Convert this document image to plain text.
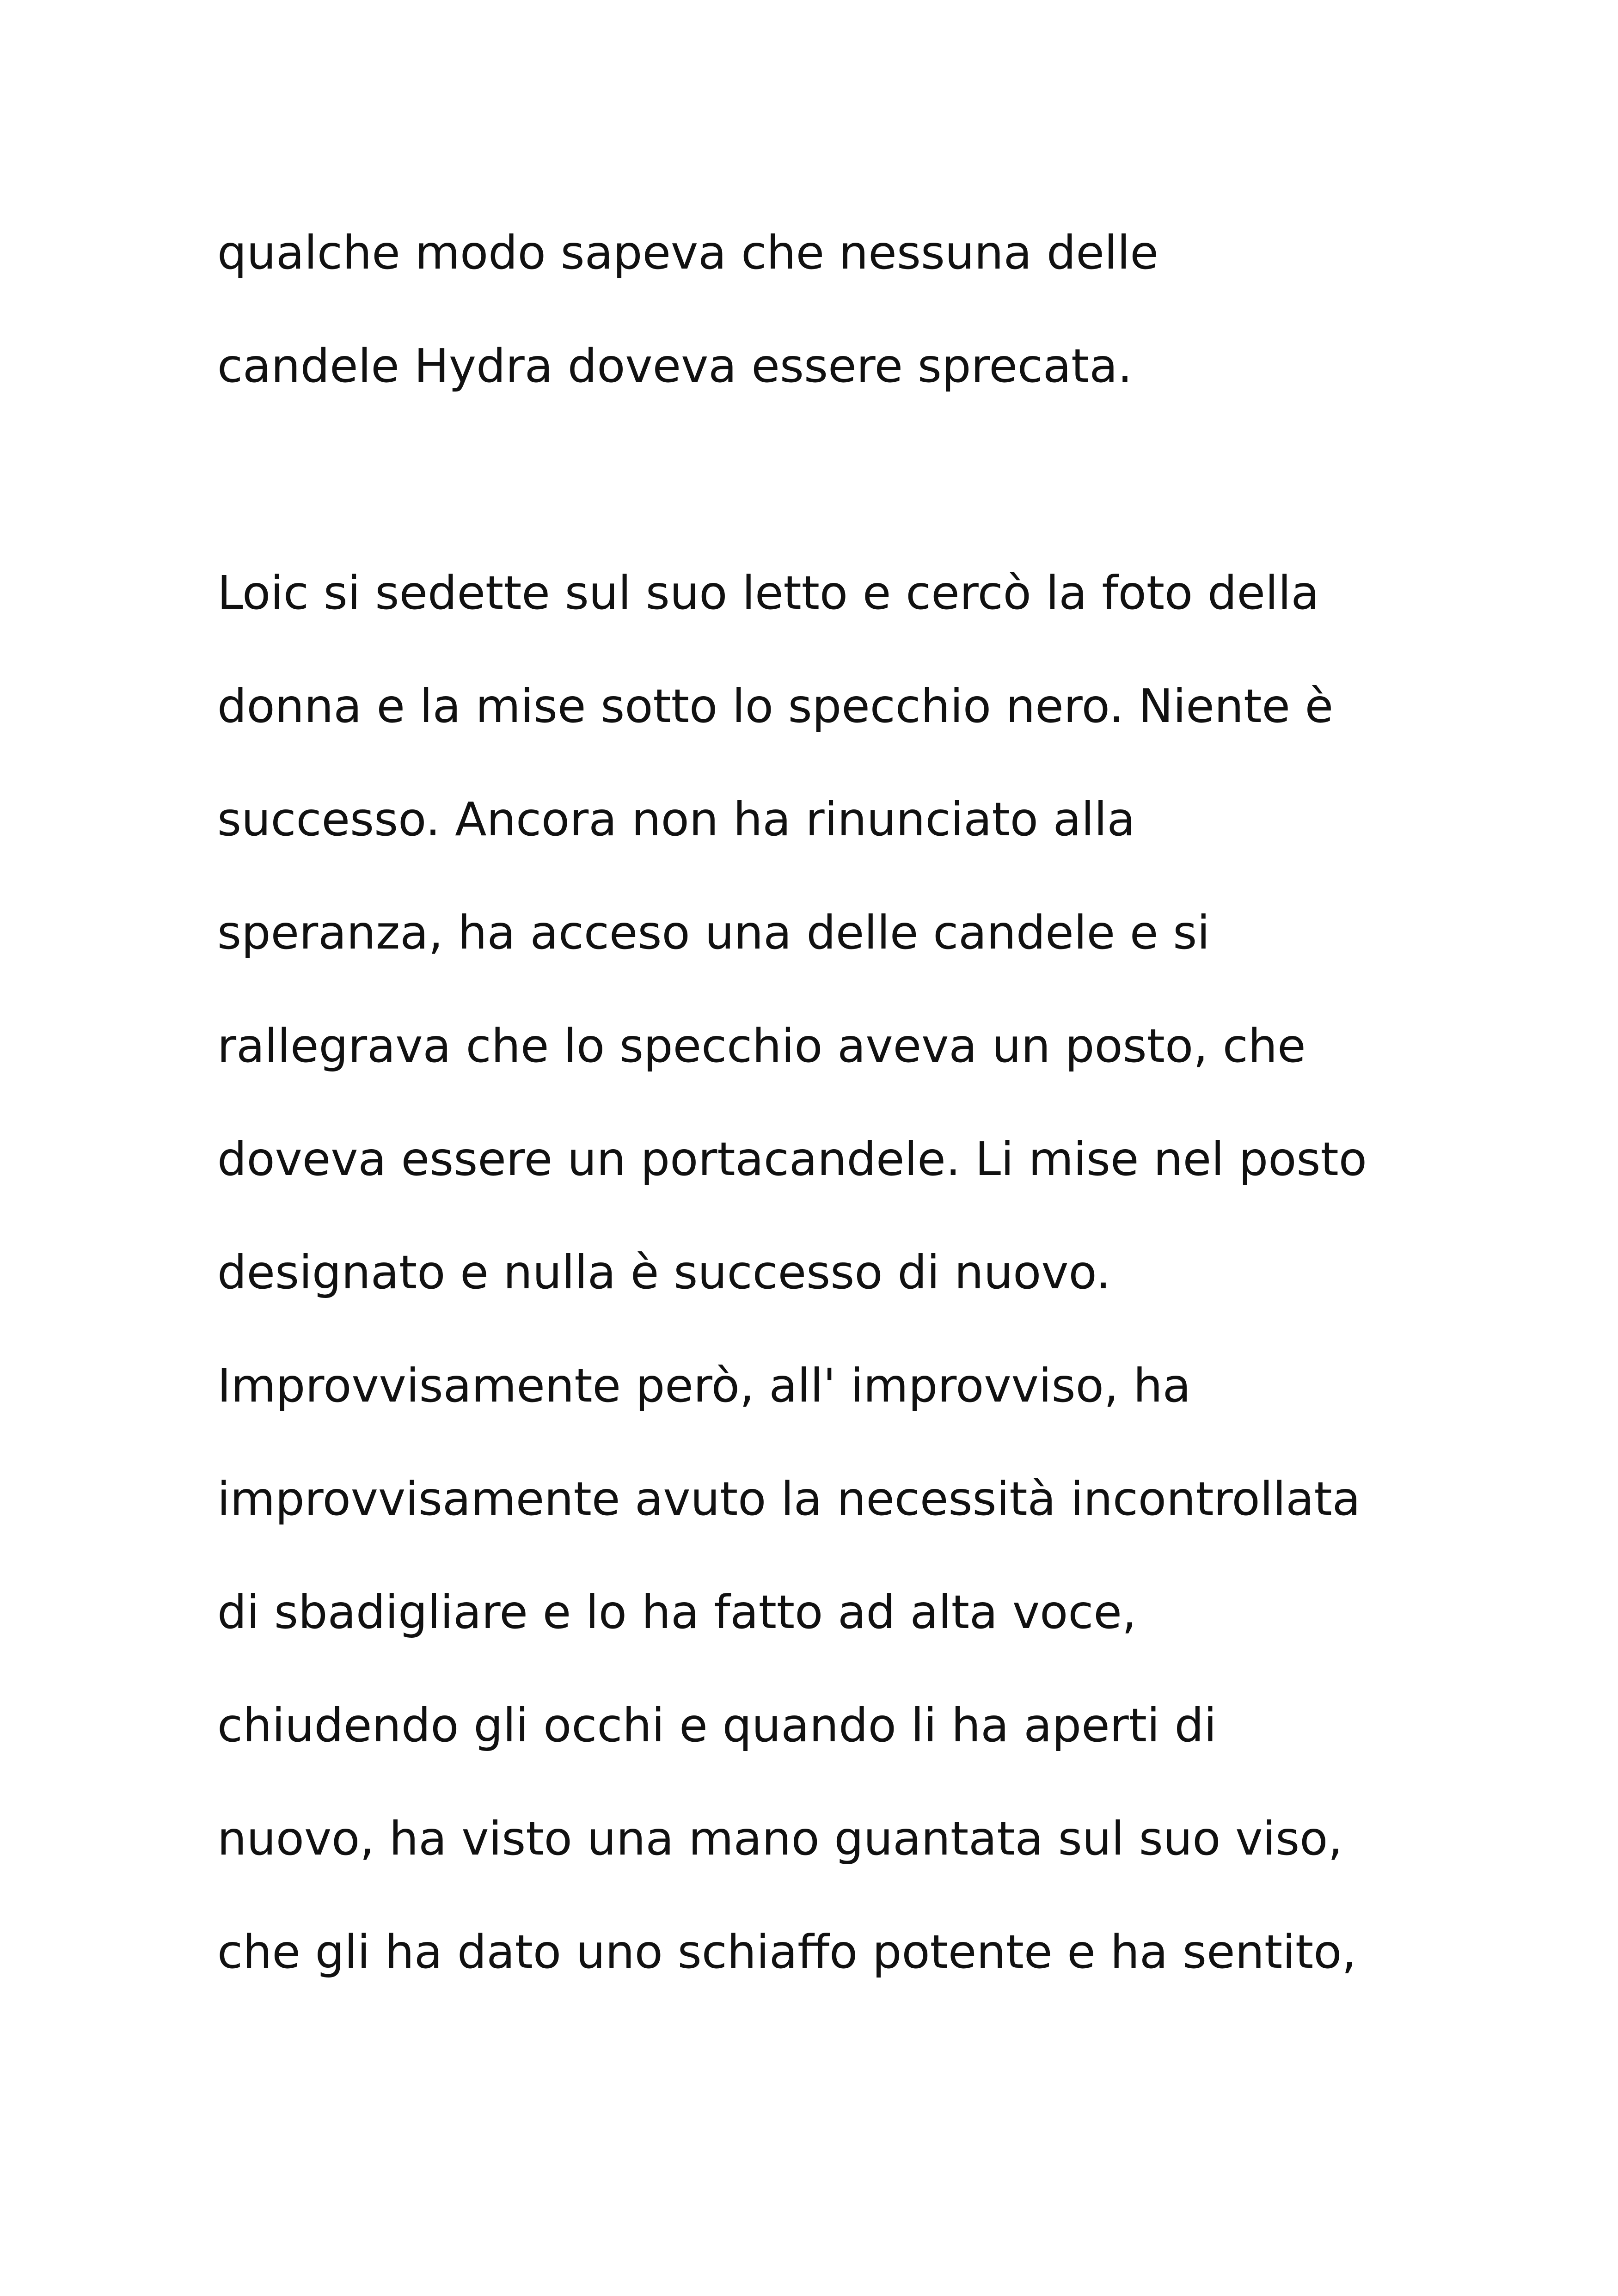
qualche modo sapeva che nessuna delle
candele Hydra doveva essere sprecata.
Loic si sedette sul suo letto e cercò la foto della
donna e la mise sotto lo specchio nero. Niente è
successo. Ancora non ha rinunciato alla
speranza, ha acceso una delle candele e si
rallegrava che lo specchio aveva un posto, che
doveva essere un portacandele. Li mise nel posto
designato e nulla è successo di nuovo.
Improvvisamente però, all' improvviso, ha
improvvisamente avuto la necessità incontrollata
di sbadigliare e lo ha fatto ad alta voce,
chiudendo gli occhi e quando li ha aperti di
nuovo, ha visto una mano guantata sul suo viso,
che gli ha dato uno schiaffo potente e ha sentito,
